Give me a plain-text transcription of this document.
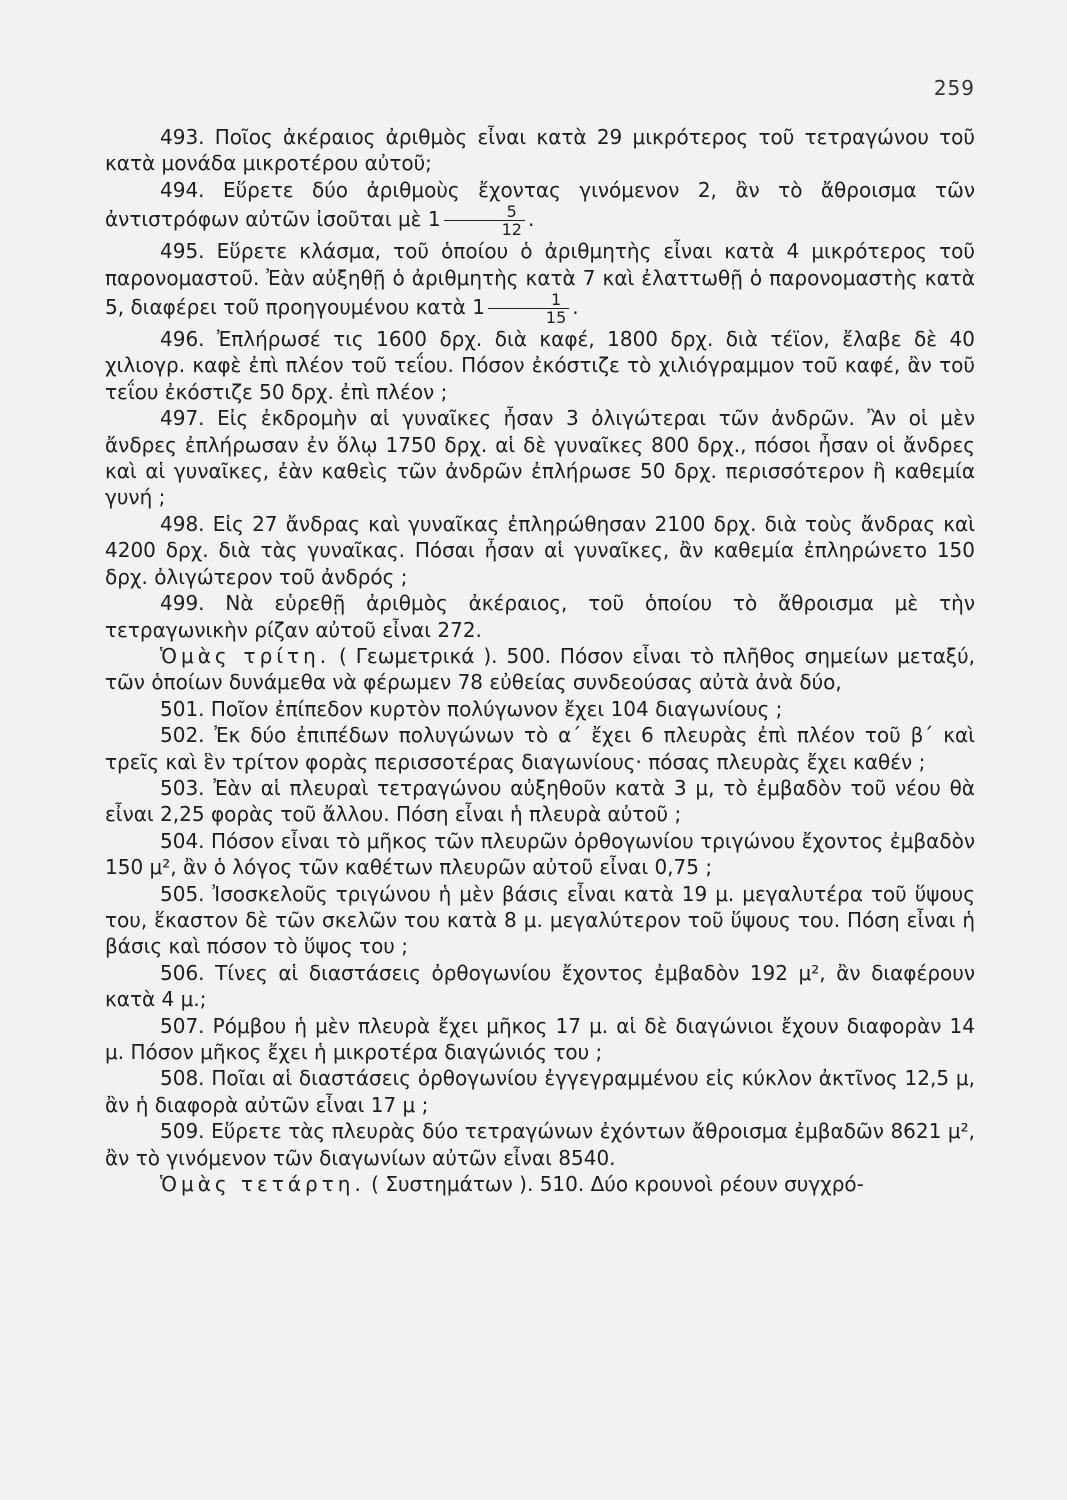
259

493. Ποῖος ἀκέραιος ἀριθμὸς εἶναι κατὰ 29 μικρότερος τοῦ τετραγώνου τοῦ κατὰ μονάδα μικροτέρου αὐτοῦ;

494. Εὕρετε δύο ἀριθμοὺς ἔχοντας γινόμενον 2, ἂν τὸ ἄθροισμα τῶν ἀντιστρόφων αὐτῶν ἰσοῦται μὲ $1 \frac{5}{12}$ .

495. Εὕρετε κλάσμα, τοῦ ὁποίου ὁ ἀριθμητὴς εἶναι κατὰ 4 μικρότερος τοῦ παρονομαστοῦ. Ἐὰν αὐξηθῇ ὁ ἀριθμητὴς κατὰ 7 καὶ ἐλαττωθῇ ὁ παρονομαστὴς κατὰ 5, διαφέρει τοῦ προηγουμένου κατὰ $1 \frac{1}{15}$ .

496. Ἐπλήρωσέ τις 1600 δρχ. διὰ καφέ, 1800 δρχ. διὰ τέϊον, ἔλαβε δὲ 40 χιλιογρ. καφὲ ἐπὶ πλέον τοῦ τεΐου. Πόσον ἐκόστιζε τὸ χιλιόγραμμον τοῦ καφέ, ἂν τοῦ τεΐου ἐκόστιζε 50 δρχ. ἐπὶ πλέον ;

497. Εἰς ἐκδρομὴν αἱ γυναῖκες ἦσαν 3 ὀλιγώτεραι τῶν ἀνδρῶν. Ἂν οἱ μὲν ἄνδρες ἐπλήρωσαν ἐν ὅλῳ 1750 δρχ. αἱ δὲ γυναῖκες 800 δρχ., πόσοι ἦσαν οἱ ἄνδρες καὶ αἱ γυναῖκες, ἐὰν καθεὶς τῶν ἀνδρῶν ἐπλήρωσε 50 δρχ. περισσότερον ἢ καθεμία γυνή ;

498. Εἰς 27 ἄνδρας καὶ γυναῖκας ἐπληρώθησαν 2100 δρχ. διὰ τοὺς ἄνδρας καὶ 4200 δρχ. διὰ τὰς γυναῖκας. Πόσαι ἦσαν αἱ γυναῖκες, ἂν καθεμία ἐπληρώνετο 150 δρχ. ὀλιγώτερον τοῦ ἀνδρός ;

499. Νὰ εὑρεθῇ ἀριθμὸς ἀκέραιος, τοῦ ὁποίου τὸ ἄθροισμα μὲ τὴν τετραγωνικὴν ρίζαν αὐτοῦ εἶναι 272.

Ὁμὰς τρίτη. ( Γεωμετρικά ). 500. Πόσον εἶναι τὸ πλῆθος σημείων μεταξύ, τῶν ὁποίων δυνάμεθα νὰ φέρωμεν 78 εὐθείας συνδεούσας αὐτὰ ἀνὰ δύο,

501. Ποῖον ἐπίπεδον κυρτὸν πολύγωνον ἔχει 104 διαγωνίους ;

502. Ἐκ δύο ἐπιπέδων πολυγώνων τὸ α΄ ἔχει 6 πλευρὰς ἐπὶ πλέον τοῦ β΄ καὶ τρεῖς καὶ ἓν τρίτον φορὰς περισσοτέρας διαγωνίους· πόσας πλευρὰς ἔχει καθέν ;

503. Ἐὰν αἱ πλευραὶ τετραγώνου αὐξηθοῦν κατὰ 3 μ, τὸ ἐμβαδὸν τοῦ νέου θὰ εἶναι 2,25 φορὰς τοῦ ἄλλου. Πόση εἶναι ἡ πλευρὰ αὐτοῦ ;

504. Πόσον εἶναι τὸ μῆκος τῶν πλευρῶν ὀρθογωνίου τριγώνου ἔχοντος ἐμβαδὸν 150 μ², ἂν ὁ λόγος τῶν καθέτων πλευρῶν αὐτοῦ εἶναι 0,75 ;

505. Ἰσοσκελοῦς τριγώνου ἡ μὲν βάσις εἶναι κατὰ 19 μ. μεγαλυτέρα τοῦ ὕψους του, ἕκαστον δὲ τῶν σκελῶν του κατὰ 8 μ. μεγαλύτερον τοῦ ὕψους του. Πόση εἶναι ἡ βάσις καὶ πόσον τὸ ὕψος του ;

506. Τίνες αἱ διαστάσεις ὀρθογωνίου ἔχοντος ἐμβαδὸν 192 μ², ἂν διαφέρουν κατὰ 4 μ.;

507. Ρόμβου ἡ μὲν πλευρὰ ἔχει μῆκος 17 μ. αἱ δὲ διαγώνιοι ἔχουν διαφορὰν 14 μ. Πόσον μῆκος ἔχει ἡ μικροτέρα διαγώνιός του ;

508. Ποῖαι αἱ διαστάσεις ὀρθογωνίου ἐγγεγραμμένου εἰς κύκλον ἀκτῖνος 12,5 μ, ἂν ἡ διαφορὰ αὐτῶν εἶναι 17 μ ;

509. Εὕρετε τὰς πλευρὰς δύο τετραγώνων ἐχόντων ἄθροισμα ἐμβαδῶν 8621 μ², ἂν τὸ γινόμενον τῶν διαγωνίων αὐτῶν εἶναι 8540.

Ὁμὰς τετάρτη. ( Συστημάτων ). 510. Δύο κρουνοὶ ρέουν συγχρό-
